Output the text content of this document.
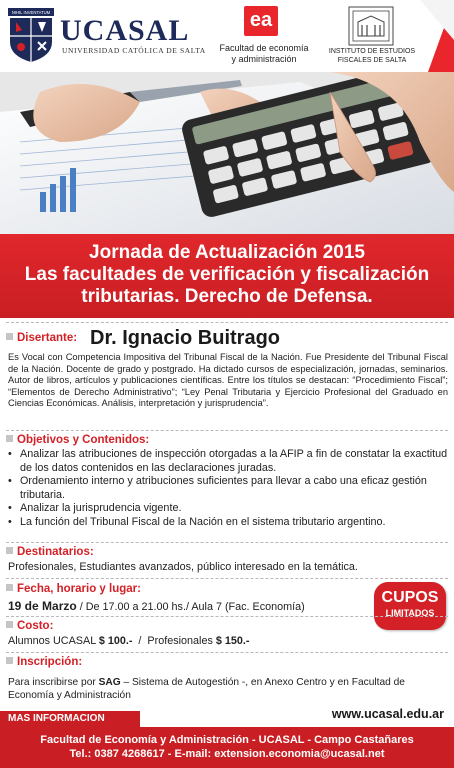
NIHIL INVENTATUM
UCASAL
UNIVERSIDAD CATÓLICA DE SALTA
ea
Facultad de economía
y administración
INSTITUTO DE ESTUDIOS
FISCALES DE SALTA
Jornada de Actualización 2015
Las facultades de verificación y fiscalización
tributarias. Derecho de Defensa.
Disertante: Dr. Ignacio Buitrago
Es Vocal con Competencia Impositiva del Tribunal Fiscal de la Nación. Fue Presidente del Tribunal Fiscal de la Nación. Docente de grado y postgrado. Ha dictado cursos de especialización, jornadas, seminarios. Autor de libros, artículos y publicaciones científicas. Entre los títulos se destacan: “Procedimiento Fiscal”; “Elementos de Derecho Administrativo”; “Ley Penal Tributaria y Ejercicio Profesional del Graduado en Ciencias Económicas. Análisis, interpretación y jurisprudencia”.
Objetivos y Contenidos:
• Analizar las atribuciones de inspección otorgadas a la AFIP a fin de constatar la exactitud de los datos contenidos en las declaraciones juradas.
• Ordenamiento interno y atribuciones suficientes para llevar a cabo una eficaz gestión tributaria.
• Analizar la jurisprudencia vigente.
• La función del Tribunal Fiscal de la Nación en el sistema tributario argentino.
Destinatarios:
Profesionales, Estudiantes avanzados, público interesado en la temática.
Fecha, horario y lugar:
19 de Marzo / De 17.00 a 21.00 hs./ Aula 7 (Fac. Economía)
CUPOS
LIMITADOS
Costo:
Alumnos UCASAL $ 100.-  /  Profesionales $ 150.-
Inscripción:
Para inscribirse por SAG – Sistema de Autogestión -, en Anexo Centro y en Facultad de Economía y Administración
MAS INFORMACION	www.ucasal.edu.ar
Facultad de Economía y Administración - UCASAL - Campo Castañares
Tel.: 0387 4268617 - E-mail: extension.economia@ucasal.net
